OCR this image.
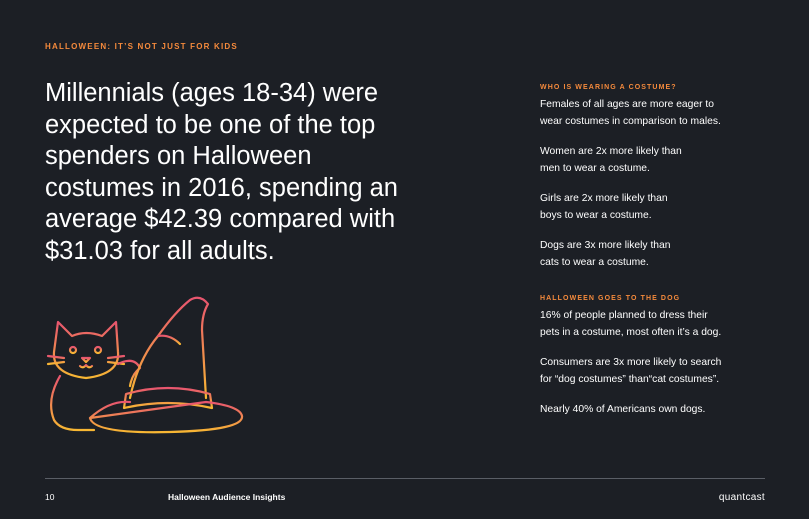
HALLOWEEN: IT’S NOT JUST FOR KIDS
Millennials (ages 18-34) were expected to be one of the top spenders on Halloween costumes in 2016, spending an average $42.39 compared with $31.03 for all adults.
WHO IS WEARING A COSTUME?
Females of all ages are more eager to
wear costumes in comparison to males.
Women are 2x more likely than
men to wear a costume.
Girls are 2x more likely than
boys to wear a costume.
Dogs are 3x more likely than
cats to wear a costume.
HALLOWEEN GOES TO THE DOG
16% of people planned to dress their
pets in a costume, most often it’s a dog.
Consumers are 3x more likely to search
for “dog costumes” than“cat costumes”.
Nearly 40% of Americans own dogs.
10	Halloween Audience Insights	quantcast
